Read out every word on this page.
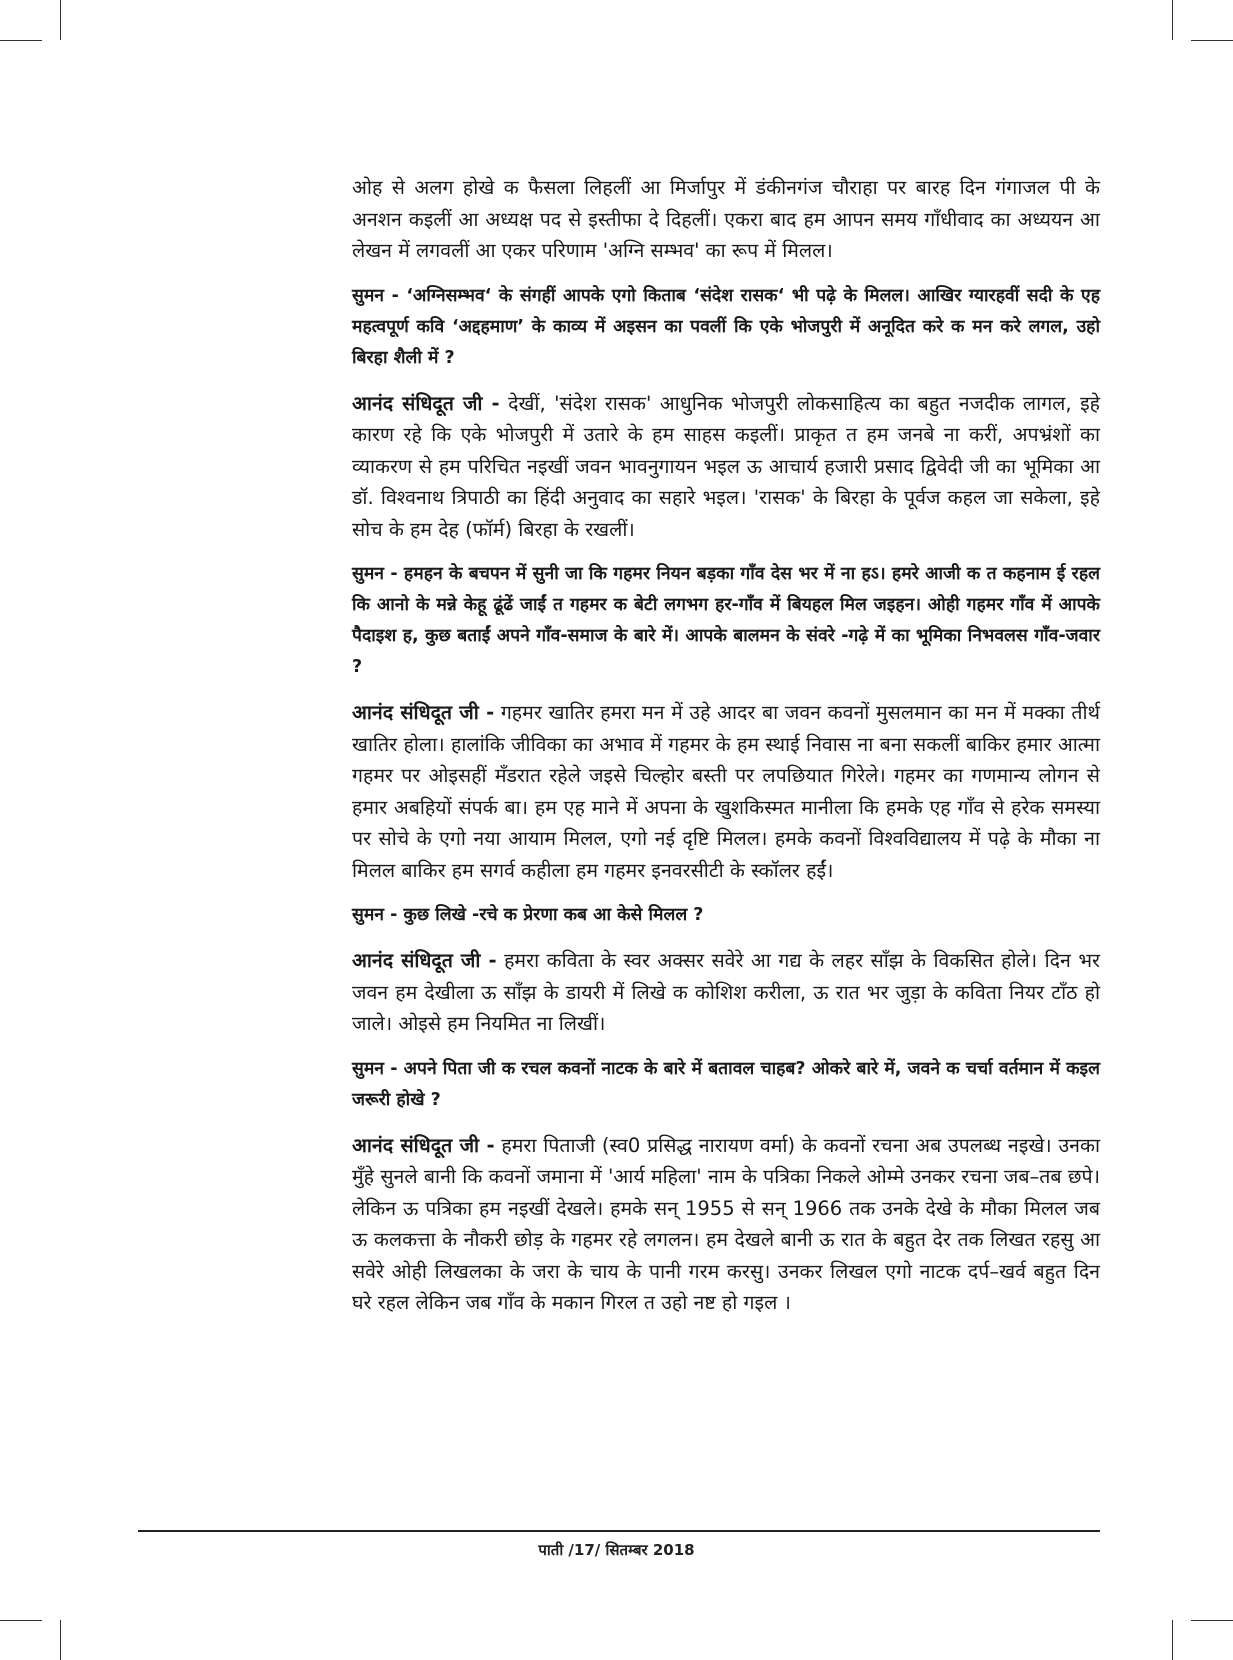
ओह से अलग होखे क फैसला लिहलीं आ मिर्जापुर में डंकीनगंज चौराहा पर बारह दिन गंगाजल पी के अनशन कइलीं आ अध्यक्ष पद से इस्तीफा दे दिहलीं। एकरा बाद हम आपन समय गाँधीवाद का अध्ययन आ लेखन में लगवलीं आ एकर परिणाम 'अग्नि सम्भव' का रूप में मिलल।

सुमन - ‘अग्निसम्भव‘ के संगहीं आपके एगो किताब ‘संदेश रासक‘ भी पढ़े के मिलल। आखिर ग्यारहवीं सदी के एह महत्वपूर्ण कवि ‘अद्दहमाण’ के काव्य में अइसन का पवलीं कि एके भोजपुरी में अनूदित करे क मन करे लगल, उहो बिरहा शैली में ?

आनंद संधिदूत जी - देखीं, 'संदेश रासक' आधुनिक भोजपुरी लोकसाहित्य का बहुत नजदीक लागल, इहे कारण रहे कि एके भोजपुरी में उतारे के हम साहस कइलीं। प्राकृत त हम जनबे ना करीं, अपभ्रंशों का व्याकरण से हम परिचित नइखीं जवन भावनुगायन भइल ऊ आचार्य हजारी प्रसाद द्विवेदी जी का भूमिका आ डॉ. विश्वनाथ त्रिपाठी का हिंदी अनुवाद का सहारे भइल। 'रासक' के बिरहा के पूर्वज कहल जा सकेला, इहे सोच के हम देह (फॉर्म) बिरहा के रखलीं।

सुमन - हमहन के बचपन में सुनी जा कि गहमर नियन बड़का गाँव देस भर में ना हऽ। हमरे आजी क त कहनाम ई रहल कि आनो के मन्ने केहू ढूंढें जाईं त गहमर क बेटी लगभग हर-गाँव में बियहल मिल जइहन। ओही गहमर गाँव में आपके पैदाइश ह, कुछ बताईं अपने गाँव-समाज के बारे में। आपके बालमन के संवरे -गढ़े में का भूमिका निभवलस गाँव-जवार ?

आनंद संधिदूत जी - गहमर खातिर हमरा मन में उहे आदर बा जवन कवनों मुसलमान का मन में मक्का तीर्थ खातिर होला। हालांकि जीविका का अभाव में गहमर के हम स्थाई निवास ना बना सकलीं बाकिर हमार आत्मा गहमर पर ओइसहीं मँडरात रहेले जइसे चिल्होर बस्ती पर लपछियात गिरेले। गहमर का गणमान्य लोगन से हमार अबहियों संपर्क बा। हम एह माने में अपना के खुशकिस्मत मानीला कि हमके एह गाँव से हरेक समस्या पर सोचे के एगो नया आयाम मिलल, एगो नई दृष्टि मिलल। हमके कवनों विश्वविद्यालय में पढ़े के मौका ना मिलल बाकिर हम सगर्व कहीला हम गहमर इनवरसीटी के स्कॉलर हईं।

सुमन - कुछ लिखे -रचे क प्रेरणा कब आ केसे मिलल ?

आनंद संधिदूत जी - हमरा कविता के स्वर अक्सर सवेरे आ गद्य के लहर साँझ के विकसित होले। दिन भर जवन हम देखीला ऊ साँझ के डायरी में लिखे क कोशिश करीला, ऊ रात भर जुड़ा के कविता नियर टाँठ हो जाले। ओइसे हम नियमित ना लिखीं।

सुमन - अपने पिता जी क रचल कवनों नाटक के बारे में बतावल चाहब? ओकरे बारे में, जवने क चर्चा वर्तमान में कइल जरूरी होखे ?

आनंद संधिदूत जी - हमरा पिताजी (स्व0 प्रसिद्ध नारायण वर्मा) के कवनों रचना अब उपलब्ध नइखे। उनका मुँहे सुनले बानी कि कवनों जमाना में 'आर्य महिला' नाम के पत्रिका निकले ओम्मे उनकर रचना जब–तब छपे। लेकिन ऊ पत्रिका हम नइखीं देखले। हमके सन् 1955 से सन् 1966 तक उनके देखे के मौका मिलल जब ऊ कलकत्ता के नौकरी छोड़ के गहमर रहे लगलन। हम देखले बानी ऊ रात के बहुत देर तक लिखत रहसु आ सवेरे ओही लिखलका के जरा के चाय के पानी गरम करसु। उनकर लिखल एगो नाटक दर्प–खर्व बहुत दिन घरे रहल लेकिन जब गाँव के मकान गिरल त उहो नष्ट हो गइल ।

पाती /17/ सितम्बर 2018
